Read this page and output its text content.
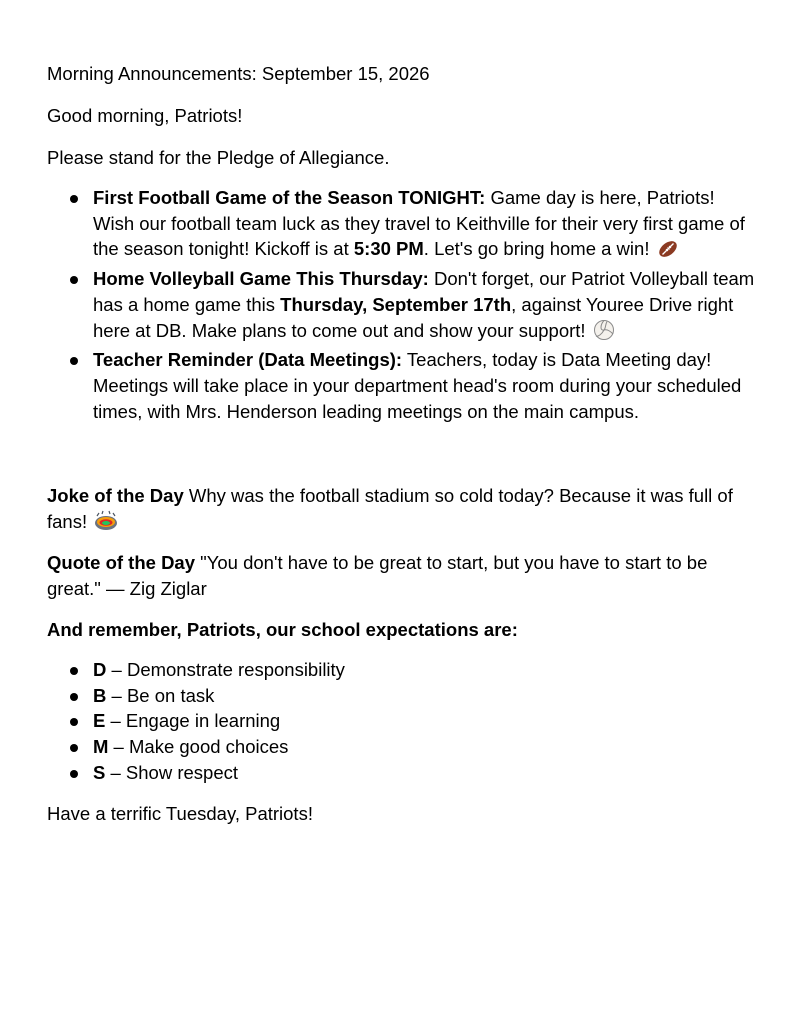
Morning Announcements: September 15, 2026

Good morning, Patriots!

Please stand for the Pledge of Allegiance.

First Football Game of the Season TONIGHT: Game day is here, Patriots! Wish our football team luck as they travel to Keithville for their very first game of the season tonight! Kickoff is at 5:30 PM. Let's go bring home a win!
Home Volleyball Game This Thursday: Don't forget, our Patriot Volleyball team has a home game this Thursday, September 17th, against Youree Drive right here at DB. Make plans to come out and show your support!
Teacher Reminder (Data Meetings): Teachers, today is Data Meeting day! Meetings will take place in your department head's room during your scheduled times, with Mrs. Henderson leading meetings on the main campus.

Joke of the Day Why was the football stadium so cold today? Because it was full of fans!

Quote of the Day "You don't have to be great to start, but you have to start to be great." — Zig Ziglar

And remember, Patriots, our school expectations are:

D – Demonstrate responsibility
B – Be on task
E – Engage in learning
M – Make good choices
S – Show respect

Have a terrific Tuesday, Patriots!
